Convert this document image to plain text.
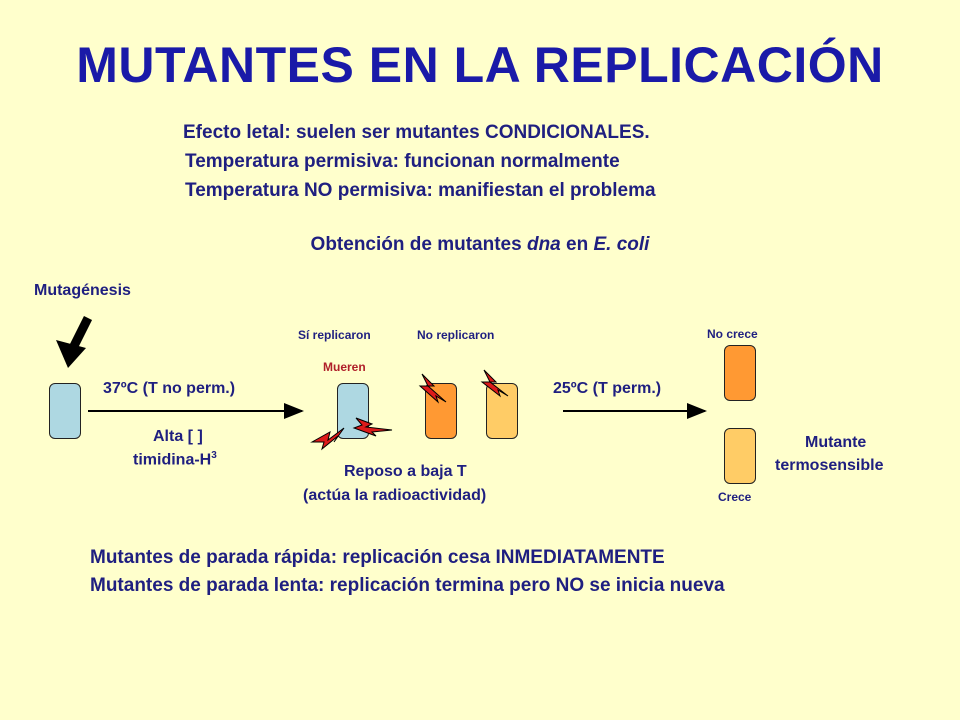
MUTANTES EN LA REPLICACIÓN
Efecto letal: suelen ser mutantes CONDICIONALES.
Temperatura permisiva: funcionan normalmente
Temperatura NO permisiva: manifiestan el problema
Obtención de mutantes dna en E. coli
Mutagénesis
37ºC (T no perm.)
Alta [ ]
timidina-$H^3$
Sí replicaron	No replicaron
Mueren
Reposo a baja T
(actúa la radioactividad)
25ºC (T perm.)
No crece
Crece
Mutante
termosensible
Mutantes de parada rápida: replicación cesa INMEDIATAMENTE
Mutantes de parada lenta: replicación termina pero NO se inicia nueva
